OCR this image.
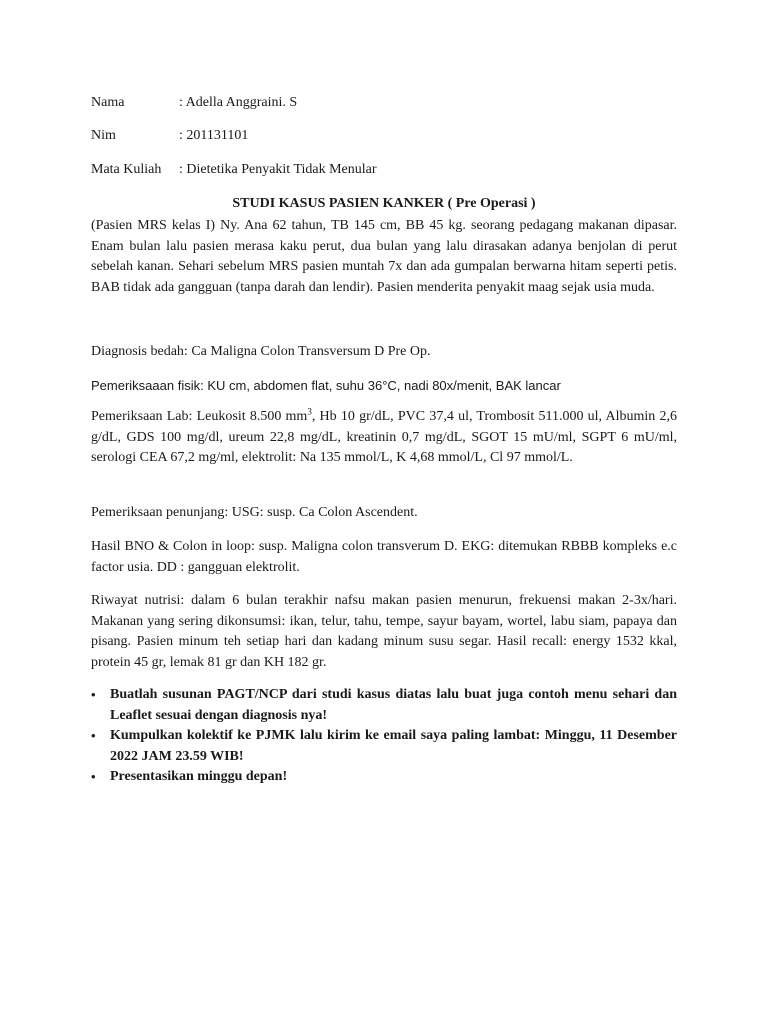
Nama	: Adella Anggraini. S
Nim	: 201131101
Mata Kuliah : Dietetika Penyakit Tidak Menular
STUDI KASUS PASIEN KANKER ( Pre Operasi )

(Pasien MRS kelas I) Ny. Ana 62 tahun, TB 145 cm, BB 45 kg. seorang pedagang makanan dipasar. Enam bulan lalu pasien merasa kaku perut, dua bulan yang lalu dirasakan adanya benjolan di perut sebelah kanan. Sehari sebelum MRS pasien muntah 7x dan ada gumpalan berwarna hitam seperti petis. BAB tidak ada gangguan (tanpa darah dan lendir). Pasien menderita penyakit maag sejak usia muda.

Diagnosis bedah: Ca Maligna Colon Transversum D Pre Op.

Pemeriksaaan fisik: KU cm, abdomen flat, suhu 36°C, nadi 80x/menit, BAK lancar

Pemeriksaan Lab: Leukosit 8.500 $mm^3$, Hb 10 gr/dL, PVC 37,4 ul, Trombosit 511.000 ul, Albumin 2,6 g/dL, GDS 100 mg/dl, ureum 22,8 mg/dL, kreatinin 0,7 mg/dL, SGOT 15 mU/ml, SGPT 6 mU/ml, serologi CEA 67,2 mg/ml, elektrolit: Na 135 mmol/L, K 4,68 mmol/L, Cl 97 mmol/L.

Pemeriksaan penunjang: USG: susp. Ca Colon Ascendent.

Hasil BNO & Colon in loop: susp. Maligna colon transverum D. EKG: ditemukan RBBB kompleks e.c factor usia. DD : gangguan elektrolit.

Riwayat nutrisi: dalam 6 bulan terakhir nafsu makan pasien menurun, frekuensi makan 2-3x/hari. Makanan yang sering dikonsumsi: ikan, telur, tahu, tempe, sayur bayam, wortel, labu siam, papaya dan pisang. Pasien minum teh setiap hari dan kadang minum susu segar. Hasil recall: energy 1532 kkal, protein 45 gr, lemak 81 gr dan KH 182 gr.

• Buatlah susunan PAGT/NCP dari studi kasus diatas lalu buat juga contoh menu sehari dan Leaflet sesuai dengan diagnosis nya!
• Kumpulkan kolektif ke PJMK lalu kirim ke email saya paling lambat: Minggu, 11 Desember 2022 JAM 23.59 WIB!
• Presentasikan minggu depan!
